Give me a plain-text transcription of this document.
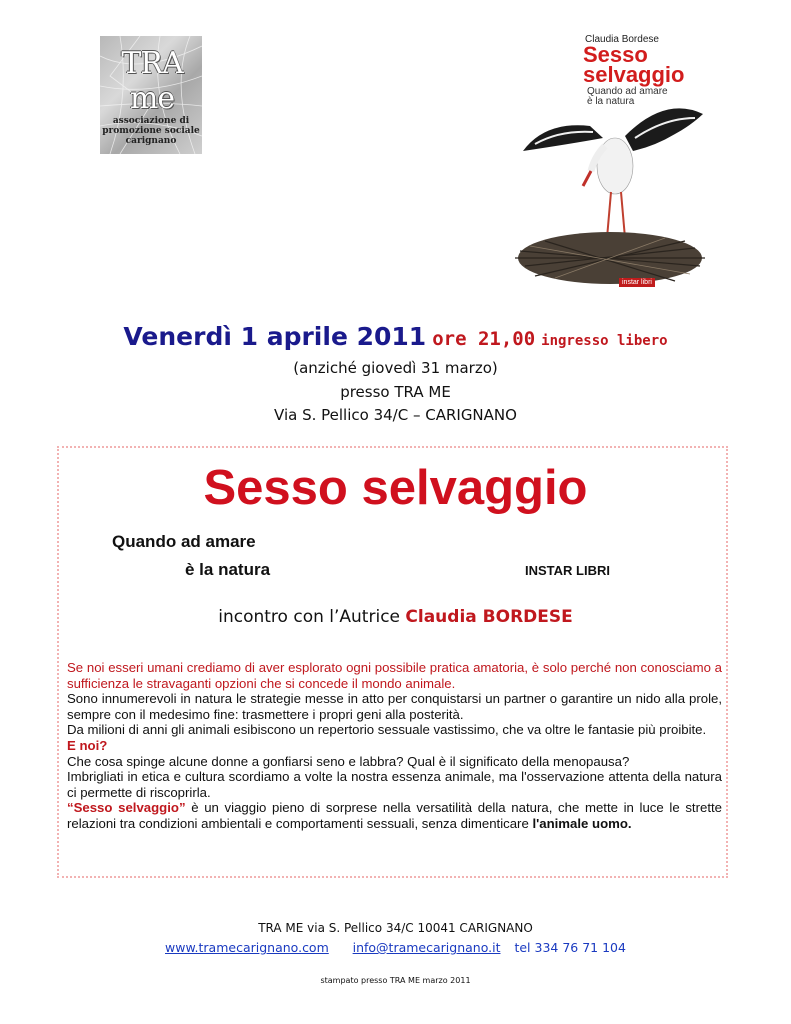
TRA me
associazione di
promozione sociale
carignano
Claudia Bordese
Sesso
selvaggio
Quando ad amare
è la natura
instar libri
Venerdì 1 aprile 2011 ore 21,00 ingresso libero
(anziché giovedì 31 marzo)
presso TRA ME
Via S. Pellico 34/C – CARIGNANO
Sesso selvaggio
Quando ad amare
è la natura	INSTAR LIBRI
incontro con l’Autrice Claudia BORDESE

Se noi esseri umani crediamo di aver esplorato ogni possibile pratica amatoria, è solo perché non conosciamo a sufficienza le stravaganti opzioni che si concede il mondo animale.

Sono innumerevoli in natura le strategie messe in atto per conquistarsi un partner o garantire un nido alla prole, sempre con il medesimo fine: trasmettere i propri geni alla posterità.

Da milioni di anni gli animali esibiscono un repertorio sessuale vastissimo, che va oltre le fantasie più proibite.

E noi?

Che cosa spinge alcune donne a gonfiarsi seno e labbra? Qual è il significato della menopausa?

Imbrigliati in etica e cultura scordiamo a volte la nostra essenza animale, ma l'osservazione attenta della natura ci permette di riscoprirla.

“Sesso selvaggio” è un viaggio pieno di sorprese nella versatilità della natura, che mette in luce le strette relazioni tra condizioni ambientali e comportamenti sessuali, senza dimenticare l'animale uomo.

TRA ME via S. Pellico 34/C 10041 CARIGNANO
www.tramecarignano.com info@tramecarignano.it tel 334 76 71 104
stampato presso TRA ME marzo 2011
